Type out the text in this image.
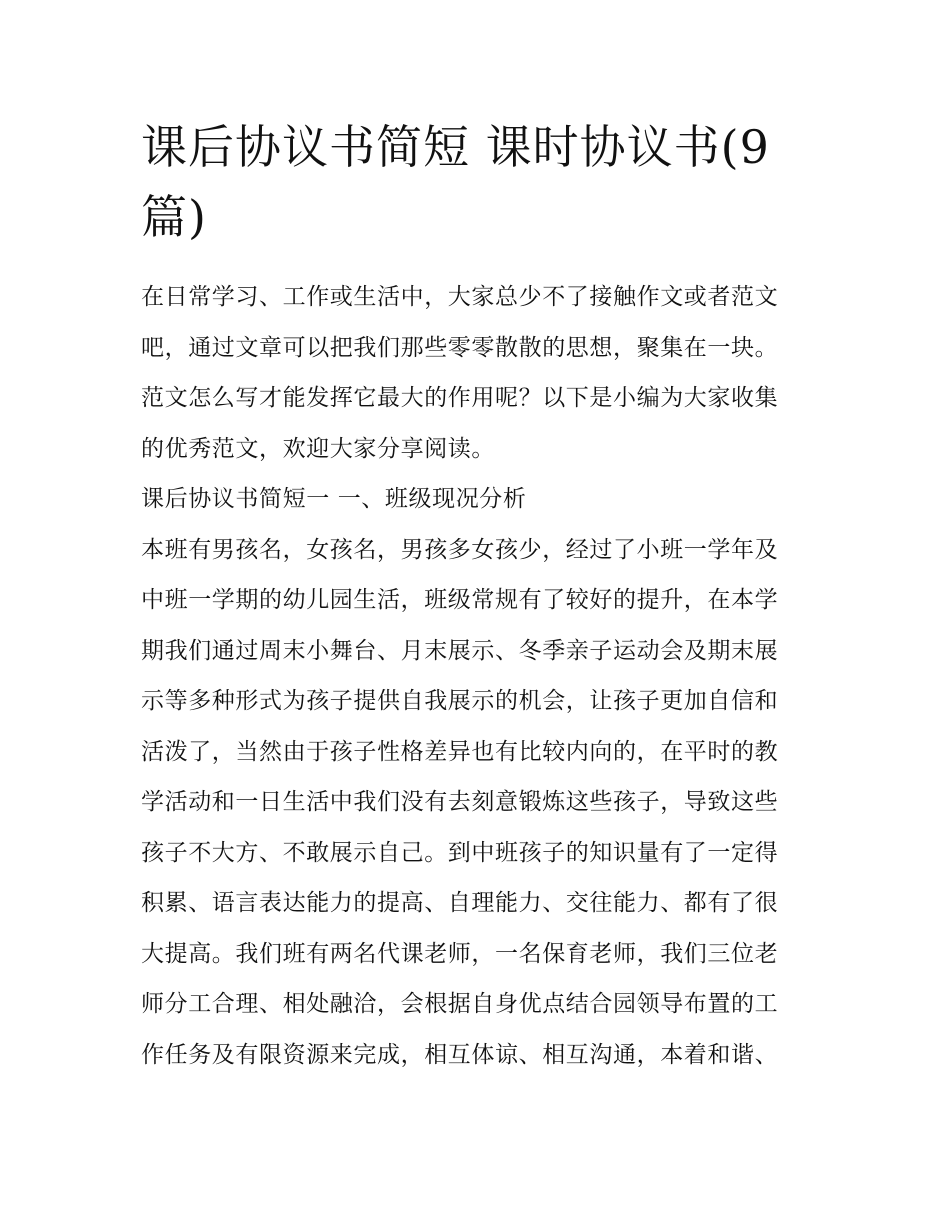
课后协议书简短 课时协议书(9
篇)
在日常学习、工作或生活中，大家总少不了接触作文或者范文
吧，通过文章可以把我们那些零零散散的思想，聚集在一块。
范文怎么写才能发挥它最大的作用呢？以下是小编为大家收集
的优秀范文，欢迎大家分享阅读。
课后协议书简短一 一、班级现况分析
本班有男孩名，女孩名，男孩多女孩少，经过了小班一学年及
中班一学期的幼儿园生活，班级常规有了较好的提升，在本学
期我们通过周末小舞台、月末展示、冬季亲子运动会及期末展
示等多种形式为孩子提供自我展示的机会，让孩子更加自信和
活泼了，当然由于孩子性格差异也有比较内向的，在平时的教
学活动和一日生活中我们没有去刻意锻炼这些孩子，导致这些
孩子不大方、不敢展示自己。到中班孩子的知识量有了一定得
积累、语言表达能力的提高、自理能力、交往能力、都有了很
大提高。我们班有两名代课老师，一名保育老师，我们三位老
师分工合理、相处融洽，会根据自身优点结合园领导布置的工
作任务及有限资源来完成，相互体谅、相互沟通，本着和谐、
